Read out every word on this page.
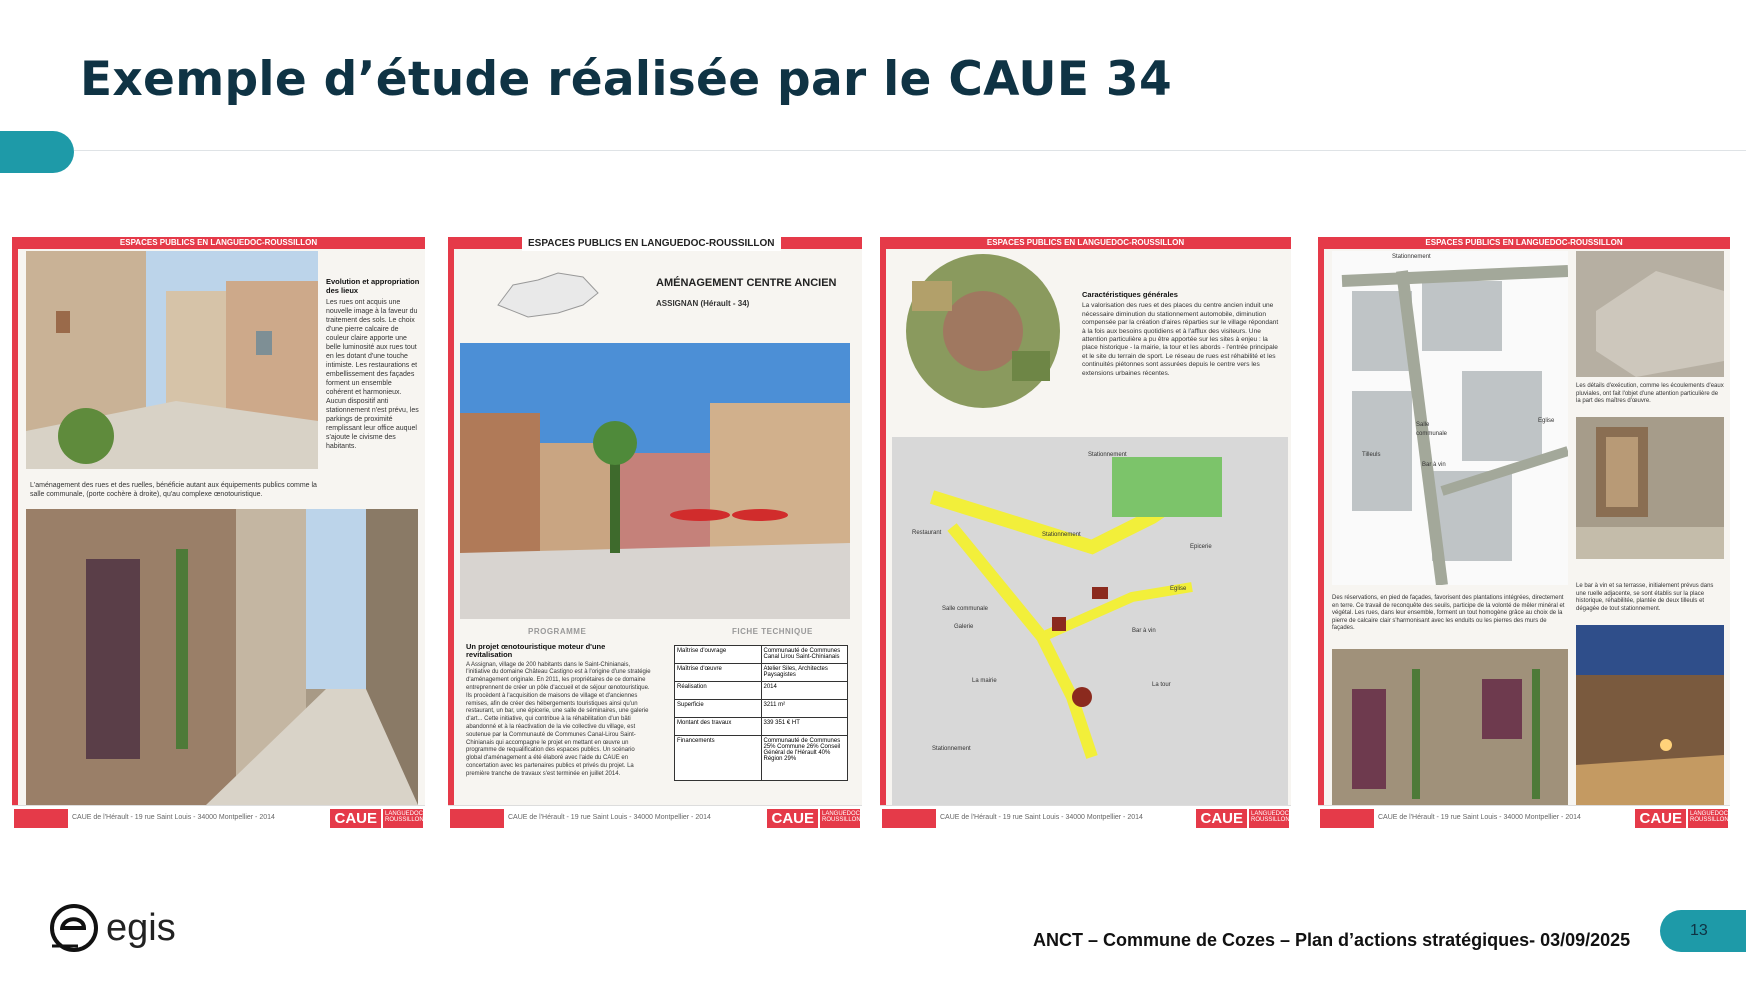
Exemple d’étude réalisée par le CAUE 34
ESPACES PUBLICS EN LANGUEDOC-ROUSSILLON
Evolution et appropriation des lieux
Les rues ont acquis une nouvelle image à la faveur du traitement des sols. Le choix d'une pierre calcaire de couleur claire apporte une belle luminosité aux rues tout en les dotant d'une touche intimiste. Les restaurations et embellissement des façades forment un ensemble cohérent et harmonieux. Aucun dispositif anti stationnement n'est prévu, les parkings de proximité remplissant leur office auquel s'ajoute le civisme des habitants.
L'aménagement des rues et des ruelles, bénéficie autant aux équipements publics comme la salle communale, (porte cochère à droite), qu'au complexe œnotouristique.
CAUE de l'Hérault - 19 rue Saint Louis - 34000 Montpellier - 2014	CAUE	LANGUEDOC ROUSSILLON
ESPACES PUBLICS EN LANGUEDOC-ROUSSILLON
AMÉNAGEMENT CENTRE ANCIEN
ASSIGNAN (Hérault - 34)
PROGRAMME	FICHE TECHNIQUE
Un projet œnotouristique moteur d'une revitalisation
A Assignan, village de 200 habitants dans le Saint-Chinianais, l'initiative du domaine Château Castigno est à l'origine d'une stratégie d'aménagement originale. En 2011, les propriétaires de ce domaine entreprennent de créer un pôle d'accueil et de séjour œnotouristique. Ils procèdent à l'acquisition de maisons de village et d'anciennes remises, afin de créer des hébergements touristiques ainsi qu'un restaurant, un bar, une épicerie, une salle de séminaires, une galerie d'art... Cette initiative, qui contribue à la réhabilitation d'un bâti abandonné et à la réactivation de la vie collective du village, est soutenue par la Communauté de Communes Canal-Lirou Saint-Chinianais qui accompagne le projet en mettant en œuvre un programme de requalification des espaces publics. Un scénario global d'aménagement a été élaboré avec l'aide du CAUE en concertation avec les partenaires publics et privés du projet. La première tranche de travaux s'est terminée en juillet 2014.
Maîtrise d'ouvrage	Communauté de Communes Canal Lirou Saint-Chinianais
Maîtrise d'œuvre	Atelier Siles, Architectes Paysagistes
Réalisation	2014
Superficie	3211 m²
Montant des travaux	339 351 € HT
Financements	Communauté de Communes 25% Commune 26% Conseil Général de l'Hérault 40% Région 29%
CAUE de l'Hérault - 19 rue Saint Louis - 34000 Montpellier - 2014	CAUE	LANGUEDOC ROUSSILLON
ESPACES PUBLICS EN LANGUEDOC-ROUSSILLON
Caractéristiques générales
La valorisation des rues et des places du centre ancien induit une nécessaire diminution du stationnement automobile, diminution compensée par la création d'aires réparties sur le village répondant à la fois aux besoins quotidiens et à l'afflux des visiteurs. Une attention particulière a pu être apportée sur les sites à enjeu : la place historique - la mairie, la tour et les abords - l'entrée principale et le site du terrain de sport. Le réseau de rues est réhabilité et les continuités piétonnes sont assurées depuis le centre vers les extensions urbaines récentes.
Stationnement
Stationnement
Restaurant
Epicerie
Eglise
Salle communale
Galerie
Bar à vin
La mairie
La tour
Stationnement
CAUE de l'Hérault - 19 rue Saint Louis - 34000 Montpellier - 2014	CAUE	LANGUEDOC ROUSSILLON
ESPACES PUBLICS EN LANGUEDOC-ROUSSILLON
Stationnement
Salle communale
Tilleuls
Bar à vin
Eglise
Les détails d'exécution, comme les écoulements d'eaux pluviales, ont fait l'objet d'une attention particulière de la part des maîtres d'œuvre.
Des réservations, en pied de façades, favorisent des plantations intégrées, directement en terre. Ce travail de reconquête des seuils, participe de la volonté de mêler minéral et végétal. Les rues, dans leur ensemble, forment un tout homogène grâce au choix de la pierre de calcaire clair s'harmonisant avec les enduits ou les pierres des murs de façades.
Le bar à vin et sa terrasse, initialement prévus dans une ruelle adjacente, se sont établis sur la place historique, réhabilitée, plantée de deux tilleuls et dégagée de tout stationnement.
CAUE de l'Hérault - 19 rue Saint Louis - 34000 Montpellier - 2014	CAUE	LANGUEDOC ROUSSILLON
egis	ANCT – Commune de Cozes – Plan d’actions stratégiques- 03/09/2025	13
